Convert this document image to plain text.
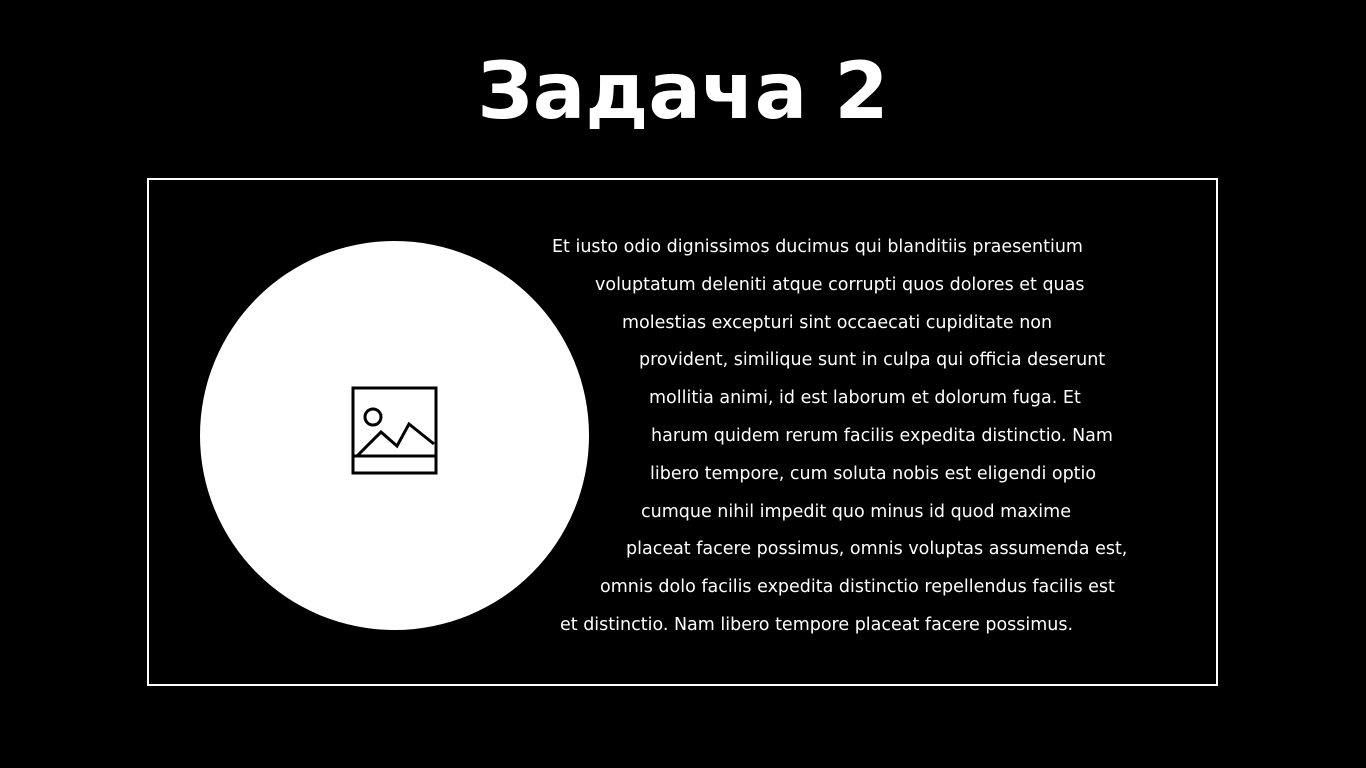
Задача 2

Et iusto odio dignissimos ducimus qui blanditiis praesentium
voluptatum deleniti atque corrupti quos dolores et quas
molestias excepturi sint occaecati cupiditate non
provident, similique sunt in culpa qui officia deserunt
mollitia animi, id est laborum et dolorum fuga. Et
harum quidem rerum facilis expedita distinctio. Nam
libero tempore, cum soluta nobis est eligendi optio
cumque nihil impedit quo minus id quod maxime
placeat facere possimus, omnis voluptas assumenda est,
omnis dolo facilis expedita distinctio repellendus facilis est
et distinctio. Nam libero tempore placeat facere possimus.
